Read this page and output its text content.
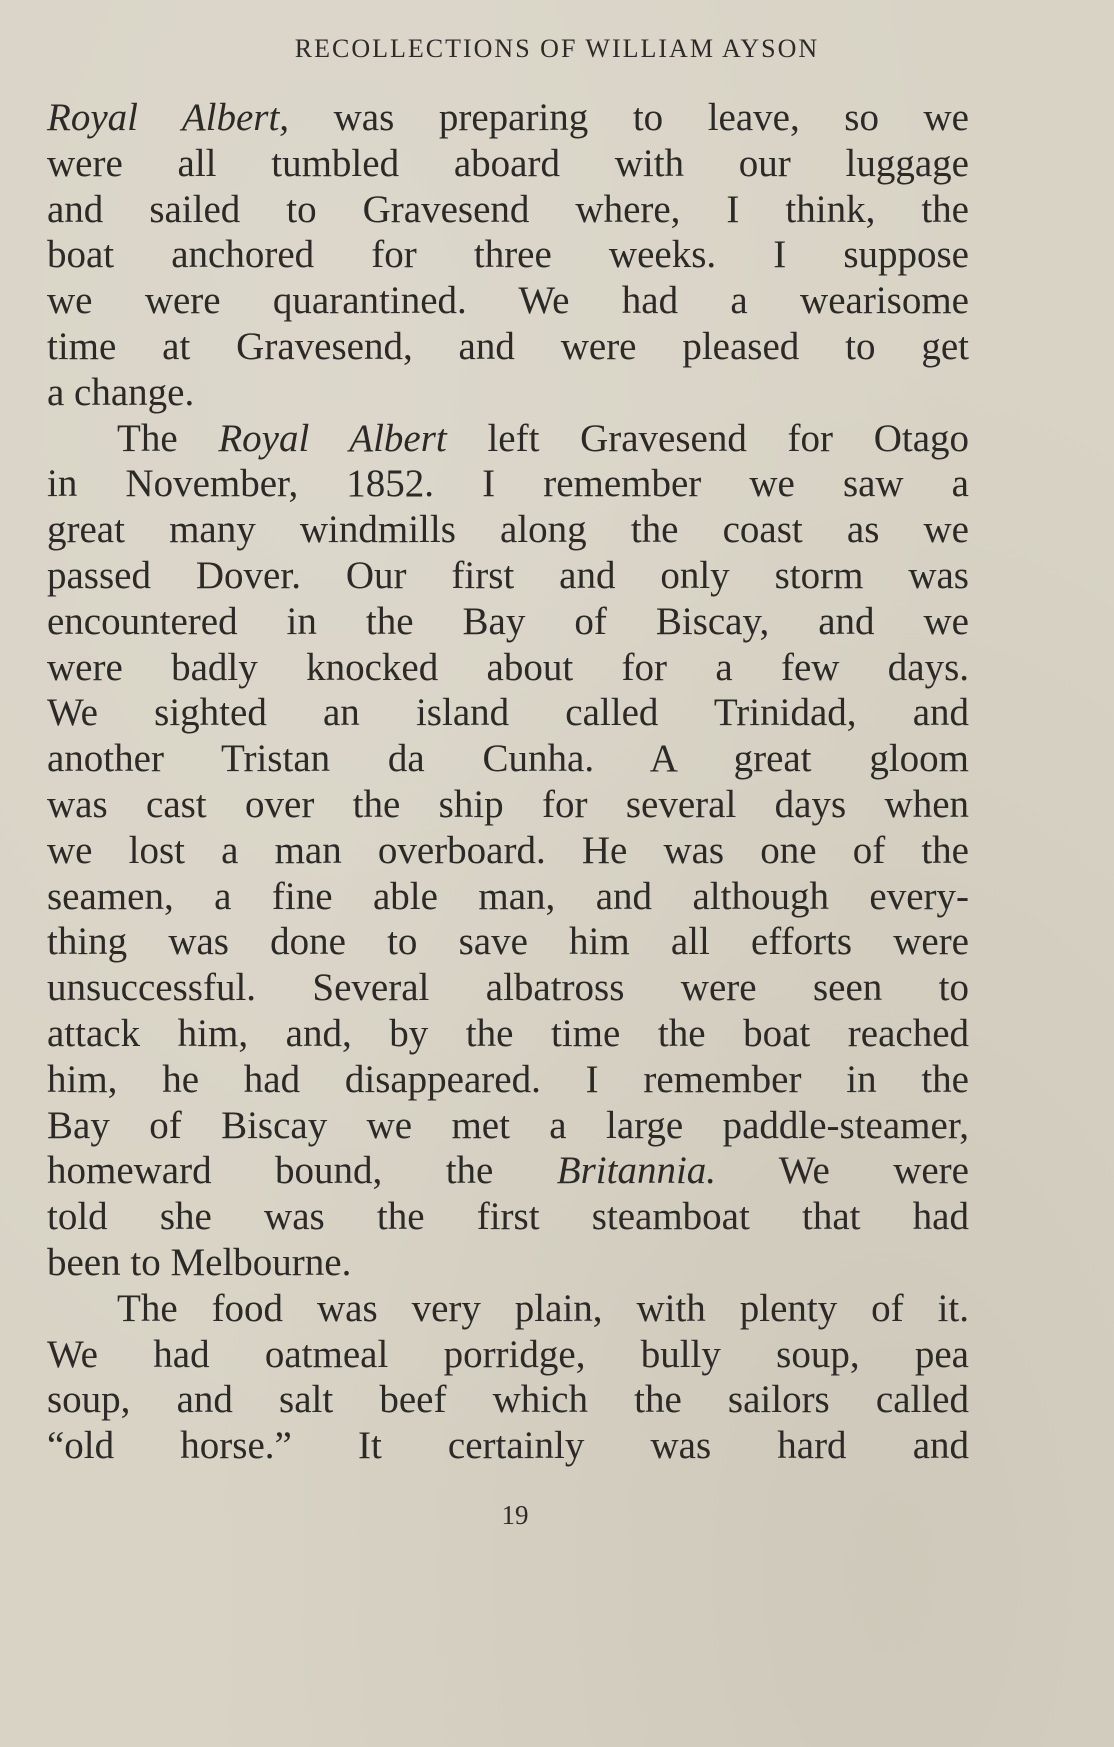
RECOLLECTIONS OF WILLIAM AYSON
Royal Albert, was preparing to leave, so we
were all tumbled aboard with our luggage
and sailed to Gravesend where, I think, the
boat anchored for three weeks. I suppose
we were quarantined. We had a wearisome
time at Gravesend, and were pleased to get
a change.
The Royal Albert left Gravesend for Otago
in November, 1852. I remember we saw a
great many windmills along the coast as we
passed Dover. Our first and only storm was
encountered in the Bay of Biscay, and we
were badly knocked about for a few days.
We sighted an island called Trinidad, and
another Tristan da Cunha. A great gloom
was cast over the ship for several days when
we lost a man overboard. He was one of the
seamen, a fine able man, and although every-
thing was done to save him all efforts were
unsuccessful. Several albatross were seen to
attack him, and, by the time the boat reached
him, he had disappeared. I remember in the
Bay of Biscay we met a large paddle-steamer,
homeward bound, the Britannia. We were
told she was the first steamboat that had
been to Melbourne.
The food was very plain, with plenty of it.
We had oatmeal porridge, bully soup, pea
soup, and salt beef which the sailors called
“old horse.” It certainly was hard and
19
